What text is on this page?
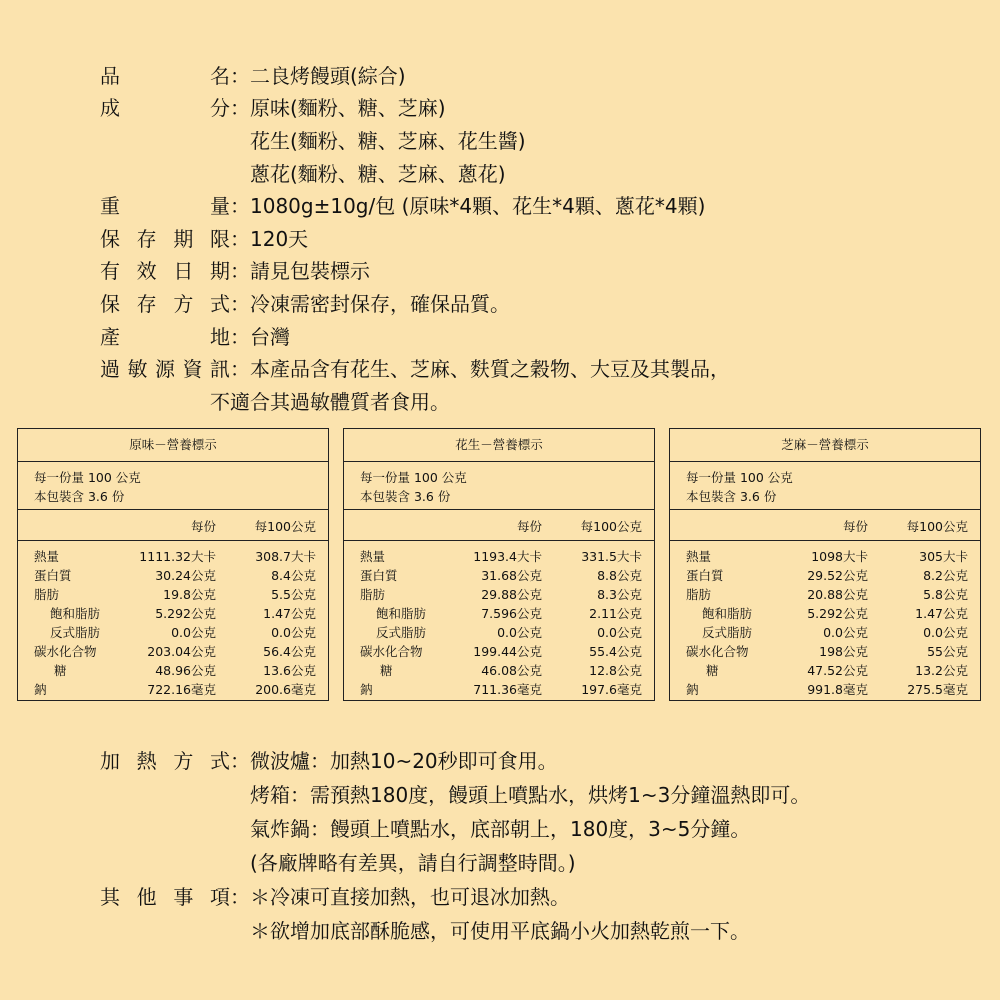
品	名 ： 二良烤饅頭(綜合)
成	分 ： 原味(麵粉、糖、芝麻)
花生(麵粉、糖、芝麻、花生醬)
蔥花(麵粉、糖、芝麻、蔥花)
重	量 ： 1080g±10g/包 (原味*4顆、花生*4顆、蔥花*4顆)
保 存 期 限 ： 120天
有 效 日 期 ： 請見包裝標示
保 存 方 式 ： 冷凍需密封保存，確保品質。
產	地 ： 台灣
過 敏 源 資 訊 ： 本產品含有花生、芝麻、麩質之穀物、大豆及其製品，
不適合其過敏體質者食用。
原味－營養標示
每一份量 100 公克
本包裝含 3.6 份
每份	每100公克
熱量	1111.32大卡	308.7大卡
蛋白質	30.24公克	8.4公克
脂肪	19.8公克	5.5公克
飽和脂肪	5.292公克	1.47公克
反式脂肪	0.0公克	0.0公克
碳水化合物	203.04公克	56.4公克
糖	48.96公克	13.6公克
鈉	722.16毫克	200.6毫克
花生－營養標示
每一份量 100 公克
本包裝含 3.6 份
每份	每100公克
熱量	1193.4大卡	331.5大卡
蛋白質	31.68公克	8.8公克
脂肪	29.88公克	8.3公克
飽和脂肪	7.596公克	2.11公克
反式脂肪	0.0公克	0.0公克
碳水化合物	199.44公克	55.4公克
糖	46.08公克	12.8公克
鈉	711.36毫克	197.6毫克
芝麻－營養標示
每一份量 100 公克
本包裝含 3.6 份
每份	每100公克
熱量	1098大卡	305大卡
蛋白質	29.52公克	8.2公克
脂肪	20.88公克	5.8公克
飽和脂肪	5.292公克	1.47公克
反式脂肪	0.0公克	0.0公克
碳水化合物	198公克	55公克
糖	47.52公克	13.2公克
鈉	991.8毫克	275.5毫克
加 熱 方 式 ： 微波爐：加熱10~20秒即可食用。
烤箱：需預熱180度，饅頭上噴點水，烘烤1~3分鐘溫熱即可。
氣炸鍋：饅頭上噴點水，底部朝上，180度，3~5分鐘。
(各廠牌略有差異，請自行調整時間。)
其 他 事 項 ： ＊冷凍可直接加熱，也可退冰加熱。
＊欲增加底部酥脆感，可使用平底鍋小火加熱乾煎一下。
